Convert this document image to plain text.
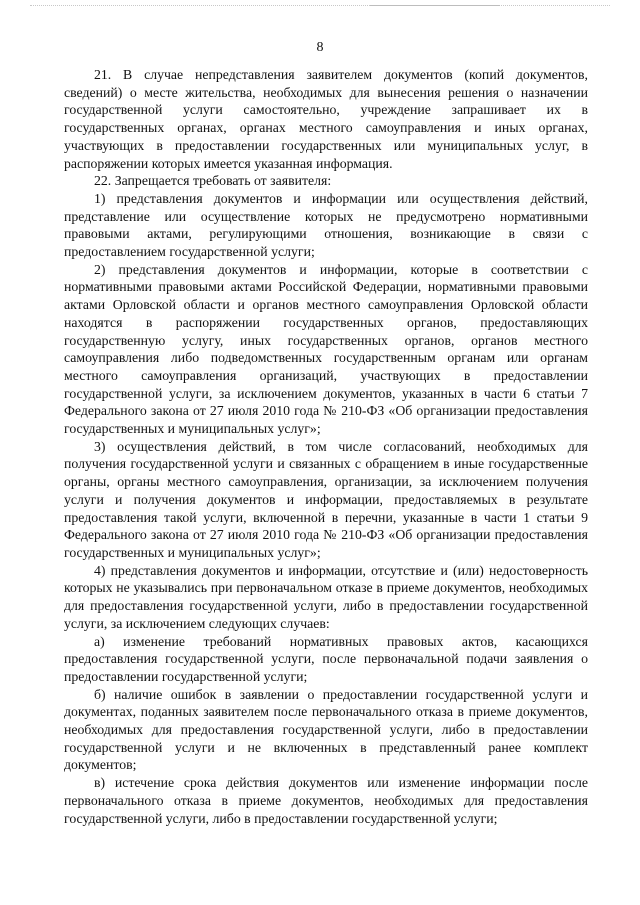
8

21. В случае непредставления заявителем документов (копий документов, сведений) о месте жительства, необходимых для вынесения решения о назначении государственной услуги самостоятельно, учреждение запрашивает их в государственных органах, органах местного самоуправления и иных органах, участвующих в предоставлении государственных или муниципальных услуг, в распоряжении которых имеется указанная информация.

22. Запрещается требовать от заявителя:

1) представления документов и информации или осуществления действий, представление или осуществление которых не предусмотрено нормативными правовыми актами, регулирующими отношения, возникающие в связи с предоставлением государственной услуги;

2) представления документов и информации, которые в соответствии с нормативными правовыми актами Российской Федерации, нормативными правовыми актами Орловской области и органов местного самоуправления Орловской области находятся в распоряжении государственных органов, предоставляющих государственную услугу, иных государственных органов, органов местного самоуправления либо подведомственных государственным органам или органам местного самоуправления организаций, участвующих в предоставлении государственной услуги, за исключением документов, указанных в части 6 статьи 7 Федерального закона от 27 июля 2010 года № 210-ФЗ «Об организации предоставления государственных и муниципальных услуг»;

3) осуществления действий, в том числе согласований, необходимых для получения государственной услуги и связанных с обращением в иные государственные органы, органы местного самоуправления, организации, за исключением получения услуги и получения документов и информации, предоставляемых в результате предоставления такой услуги, включенной в перечни, указанные в части 1 статьи 9 Федерального закона от 27 июля 2010 года № 210-ФЗ «Об организации предоставления государственных и муниципальных услуг»;

4) представления документов и информации, отсутствие и (или) недостоверность которых не указывались при первоначальном отказе в приеме документов, необходимых для предоставления государственной услуги, либо в предоставлении государственной услуги, за исключением следующих случаев:

а) изменение требований нормативных правовых актов, касающихся предоставления государственной услуги, после первоначальной подачи заявления о предоставлении государственной услуги;

б) наличие ошибок в заявлении о предоставлении государственной услуги и документах, поданных заявителем после первоначального отказа в приеме документов, необходимых для предоставления государственной услуги, либо в предоставлении государственной услуги и не включенных в представленный ранее комплект документов;

в) истечение срока действия документов или изменение информации после первоначального отказа в приеме документов, необходимых для предоставления государственной услуги, либо в предоставлении государственной услуги;
